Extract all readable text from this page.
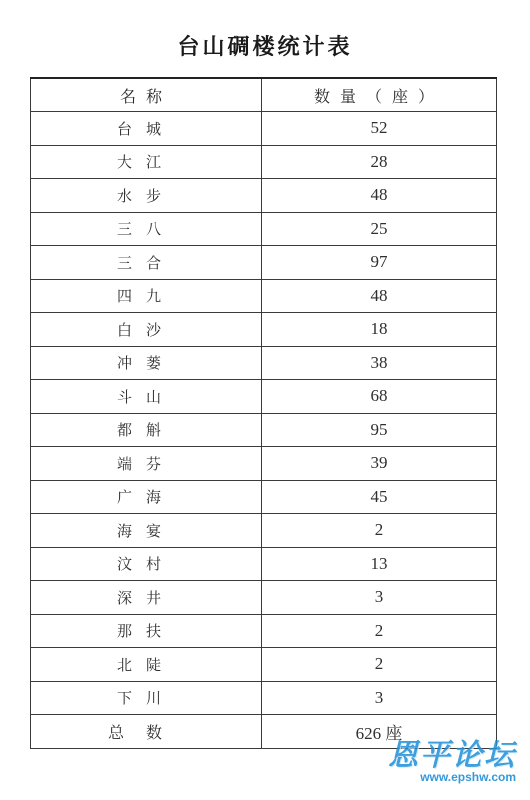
台山碉楼统计表
名称	数量（座）
台城	52
大江	28
水步	48
三八	25
三合	97
四九	48
白沙	18
冲蒌	38
斗山	68
都斛	95
端芬	39
广海	45
海宴	2
汶村	13
深井	3
那扶	2
北陡	2
下川	3
总数	626 座
恩平论坛
www.epshw.com
